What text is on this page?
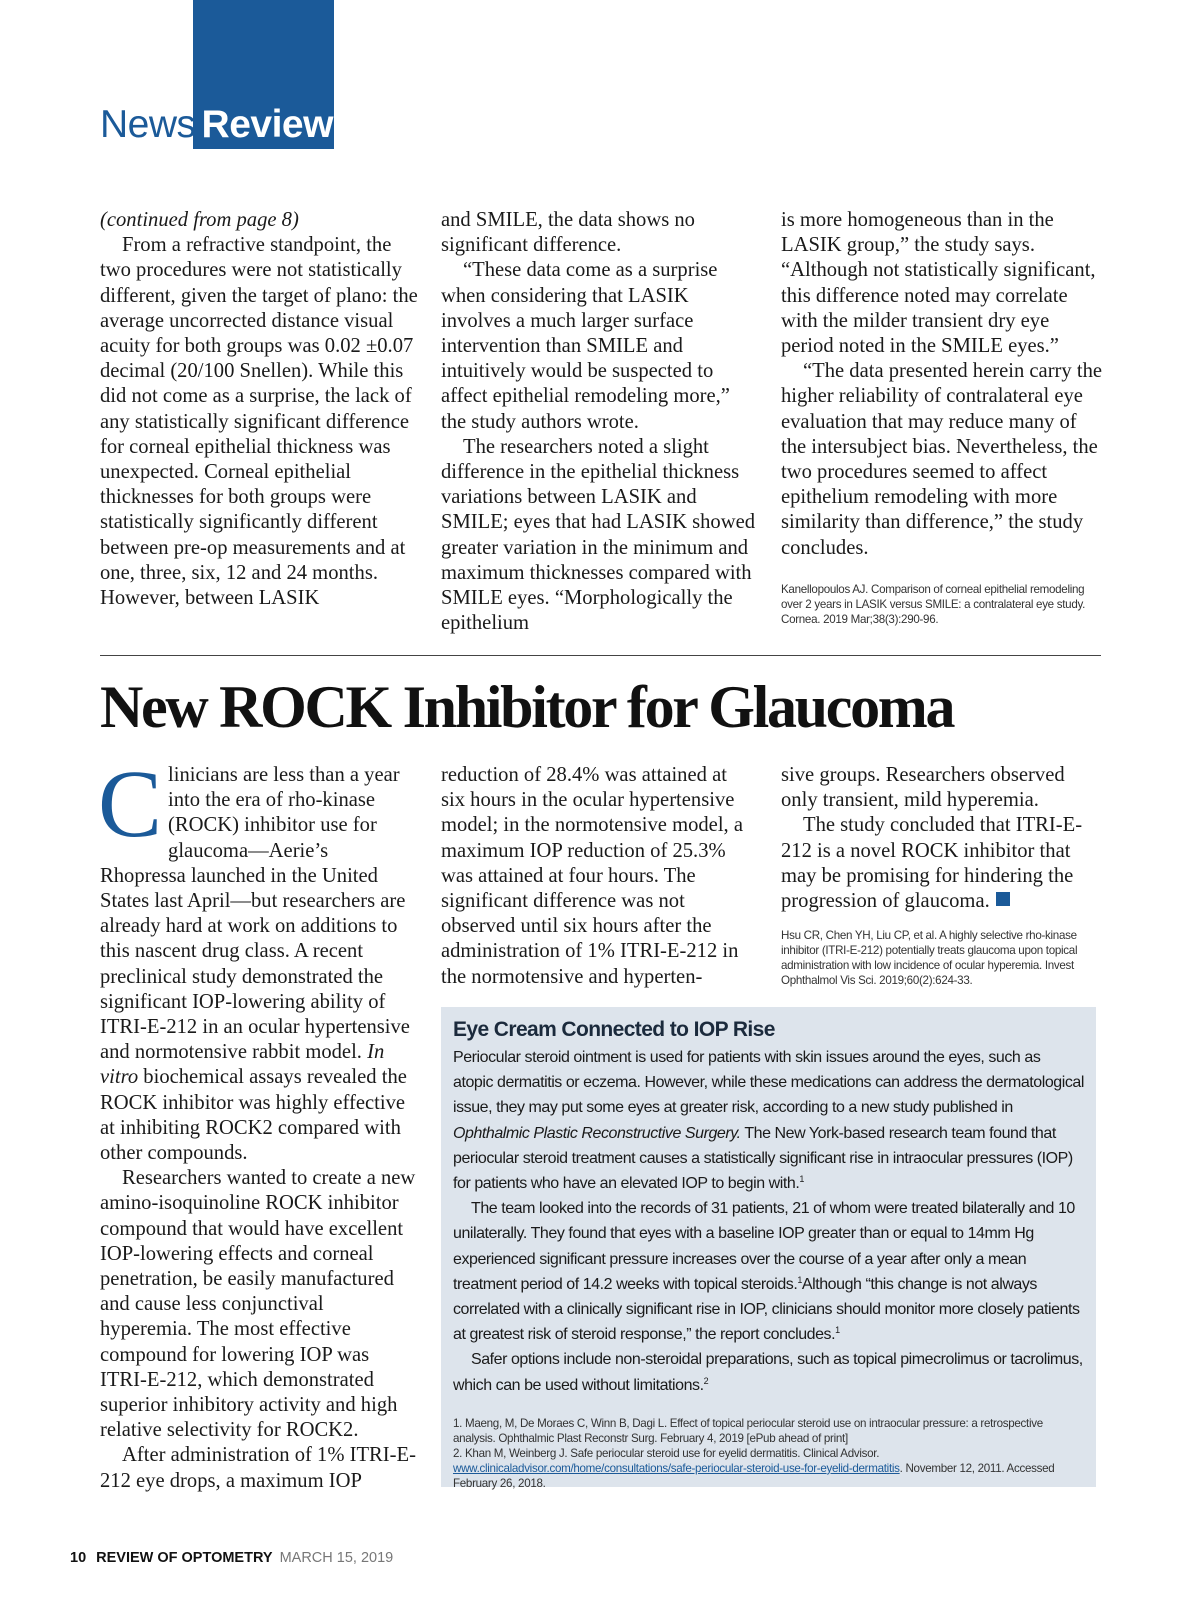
News Review

(continued from page 8)

From a refractive standpoint, the two procedures were not statistically different, given the target of plano: the average uncorrected distance visual acuity for both groups was 0.02 ±0.07 decimal (20/100 Snellen). While this did not come as a surprise, the lack of any statistically significant difference for corneal epithelial thickness was unexpected. Corneal epithelial thicknesses for both groups were statistically significantly different between pre-op measurements and at one, three, six, 12 and 24 months. However, between LASIK

and SMILE, the data shows no significant difference.

“These data come as a surprise when considering that LASIK involves a much larger surface intervention than SMILE and intuitively would be suspected to affect epithelial remodeling more,” the study authors wrote.

The researchers noted a slight difference in the epithelial thickness variations between LASIK and SMILE; eyes that had LASIK showed greater variation in the minimum and maximum thicknesses compared with SMILE eyes. “Morphologically the epithelium

is more homogeneous than in the LASIK group,” the study says. “Although not statistically significant, this difference noted may correlate with the milder transient dry eye period noted in the SMILE eyes.”

“The data presented herein carry the higher reliability of contralateral eye evaluation that may reduce many of the intersubject bias. Nevertheless, the two procedures seemed to affect epithelium remodeling with more similarity than difference,” the study concludes.

Kanellopoulos AJ. Comparison of corneal epithelial remodeling over 2 years in LASIK versus SMILE: a contralateral eye study. Cornea. 2019 Mar;38(3):290-96.
New ROCK Inhibitor for Glaucoma

Clinicians are less than a year into the era of rho-kinase (ROCK) inhibitor use for glaucoma—Aerie’s Rhopressa launched in the United States last April—but researchers are already hard at work on additions to this nascent drug class. A recent preclinical study demonstrated the significant IOP-lowering ability of ITRI-E-212 in an ocular hypertensive and normotensive rabbit model. In vitro biochemical assays revealed the ROCK inhibitor was highly effective at inhibiting ROCK2 compared with other compounds.

Researchers wanted to create a new amino-isoquinoline ROCK inhibitor compound that would have excellent IOP-lowering effects and corneal penetration, be easily manufactured and cause less conjunctival hyperemia. The most effective compound for lowering IOP was ITRI-E-212, which demonstrated superior inhibitory activity and high relative selectivity for ROCK2.

After administration of 1% ITRI-E-212 eye drops, a maximum IOP

reduction of 28.4% was attained at six hours in the ocular hypertensive model; in the normotensive model, a maximum IOP reduction of 25.3% was attained at four hours. The significant difference was not observed until six hours after the administration of 1% ITRI-E-212 in the normotensive and hyperten-

sive groups. Researchers observed only transient, mild hyperemia.

The study concluded that ITRI-E-212 is a novel ROCK inhibitor that may be promising for hindering the progression of glaucoma.

Hsu CR, Chen YH, Liu CP, et al. A highly selective rho-kinase inhibitor (ITRI-E-212) potentially treats glaucoma upon topical administration with low incidence of ocular hyperemia. Invest Ophthalmol Vis Sci. 2019;60(2):624-33.
Eye Cream Connected to IOP Rise

Periocular steroid ointment is used for patients with skin issues around the eyes, such as atopic dermatitis or eczema. However, while these medications can address the dermatological issue, they may put some eyes at greater risk, according to a new study published in Ophthalmic Plastic Reconstructive Surgery. The New York-based research team found that periocular steroid treatment causes a statistically significant rise in intraocular pressures (IOP) for patients who have an elevated IOP to begin with.$^1$

The team looked into the records of 31 patients, 21 of whom were treated bilaterally and 10 unilaterally. They found that eyes with a baseline IOP greater than or equal to 14mm Hg experienced significant pressure increases over the course of a year after only a mean treatment period of 14.2 weeks with topical steroids.$^1$Although “this change is not always correlated with a clinically significant rise in IOP, clinicians should monitor more closely patients at greatest risk of steroid response,” the report concludes.$^1$

Safer options include non-steroidal preparations, such as topical pimecrolimus or tacrolimus, which can be used without limitations.$^2$

1. Maeng, M, De Moraes C, Winn B, Dagi L. Effect of topical periocular steroid use on intraocular pressure: a retrospective analysis. Ophthalmic Plast Reconstr Surg. February 4, 2019 [ePub ahead of print]

2. Khan M, Weinberg J. Safe periocular steroid use for eyelid dermatitis. Clinical Advisor. www.clinicaladvisor.com/home/consultations/safe-periocular-steroid-use-for-eyelid-dermatitis. November 12, 2011. Accessed February 26, 2018.

10 REVIEW OF OPTOMETRY MARCH 15, 2019
